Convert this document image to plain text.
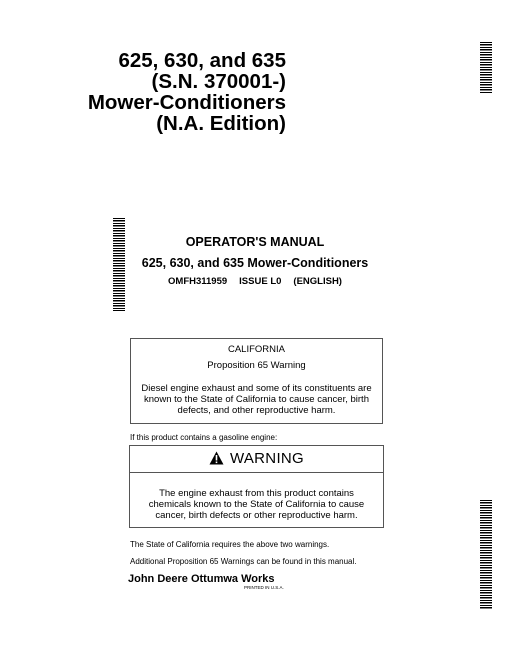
625, 630, and 635
(S.N. 370001-)
Mower-Conditioners
(N.A. Edition)
OPERATOR'S MANUAL
625, 630, and 635 Mower-Conditioners
OMFH311959 ISSUE L0 (ENGLISH)
CALIFORNIA
Proposition 65 Warning
Diesel engine exhaust and some of its constituents are known to the State of California to cause cancer, birth defects, and other reproductive harm.
If this product contains a gasoline engine:
WARNING
The engine exhaust from this product contains chemicals known to the State of California to cause cancer, birth defects or other reproductive harm.
The State of California requires the above two warnings.
Additional Proposition 65 Warnings can be found in this manual.
John Deere Ottumwa Works
PRINTED IN U.S.A.
